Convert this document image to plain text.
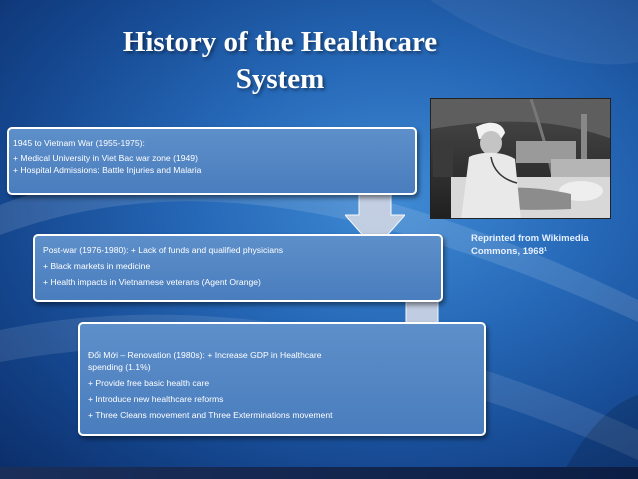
History of the Healthcare
System

Reprinted from Wikimedia

Commons, 1968¹

1945 to Vietnam War (1955-1975):

+ Medical University in Viet Bac war zone (1949)

+ Hospital Admissions: Battle Injuries and Malaria

Post-war (1976-1980): + Lack of funds and qualified physicians

+ Black markets in medicine

+ Health impacts in Vietnamese veterans (Agent Orange)

Đổi Mới – Renovation (1980s): + Increase GDP in Healthcare spending (1.1%)

+ Provide free basic health care

+ Introduce new healthcare reforms

+ Three Cleans movement and Three Exterminations movement
